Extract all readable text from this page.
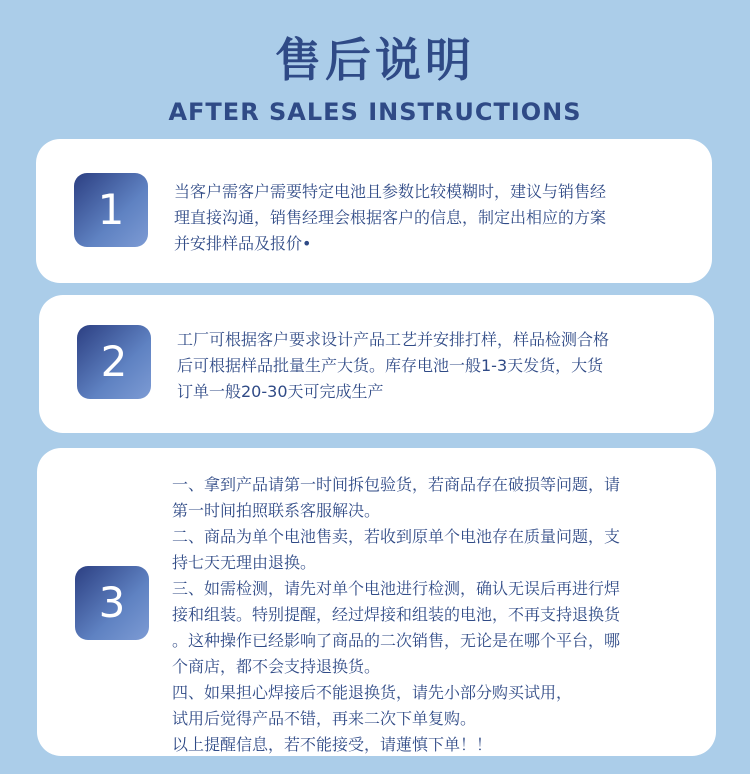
售后说明
AFTER SALES INSTRUCTIONS
1	当客户需客户需要特定电池且参数比较模糊时，建议与销售经
理直接沟通，销售经理会根据客户的信息，制定出相应的方案
并安排样品及报价•
2	工厂可根据客户要求设计产品工艺并安排打样，样品检测合格
后可根据样品批量生产大货。库存电池一般1-3天发货，大货
订单一般20-30天可完成生产
3
一、拿到产品请第一时间拆包验货，若商品存在破损等问题，请
第一时间拍照联系客服解决。
二、商品为单个电池售卖，若收到原单个电池存在质量问题，支
持七天无理由退换。
三、如需检测，请先对单个电池进行检测，确认无误后再进行焊
接和组装。特别提醒，经过焊接和组装的电池，不再支持退换货
。这种操作已经影响了商品的二次销售，无论是在哪个平台，哪
个商店，都不会支持退换货。
四、如果担心焊接后不能退换货，请先小部分购买试用，
试用后觉得产品不错，再来二次下单复购。
以上提醒信息，若不能接受，请蓮慎下单！！
